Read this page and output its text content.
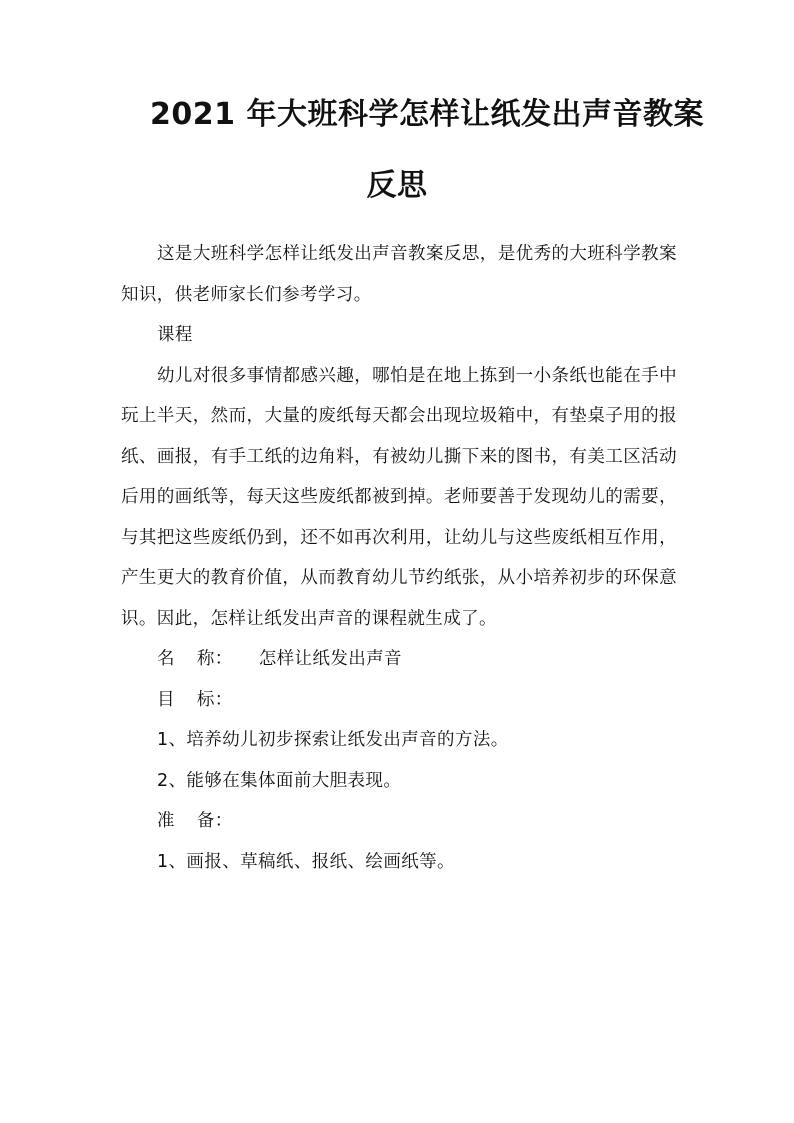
2021 年大班科学怎样让纸发出声音教案
反思

这是大班科学怎样让纸发出声音教案反思，是优秀的大班科学教案知识，供老师家长们参考学习。

课程

幼儿对很多事情都感兴趣，哪怕是在地上拣到一小条纸也能在手中玩上半天，然而，大量的废纸每天都会出现垃圾箱中，有垫桌子用的报纸、画报，有手工纸的边角料，有被幼儿撕下来的图书，有美工区活动后用的画纸等，每天这些废纸都被到掉。老师要善于发现幼儿的需要，与其把这些废纸仍到，还不如再次利用，让幼儿与这些废纸相互作用，产生更大的教育价值，从而教育幼儿节约纸张，从小培养初步的环保意识。因此，怎样让纸发出声音的课程就生成了。

名 称： 怎样让纸发出声音

目 标：

1、培养幼儿初步探索让纸发出声音的方法。

2、能够在集体面前大胆表现。

准 备：

1、画报、草稿纸、报纸、绘画纸等。
